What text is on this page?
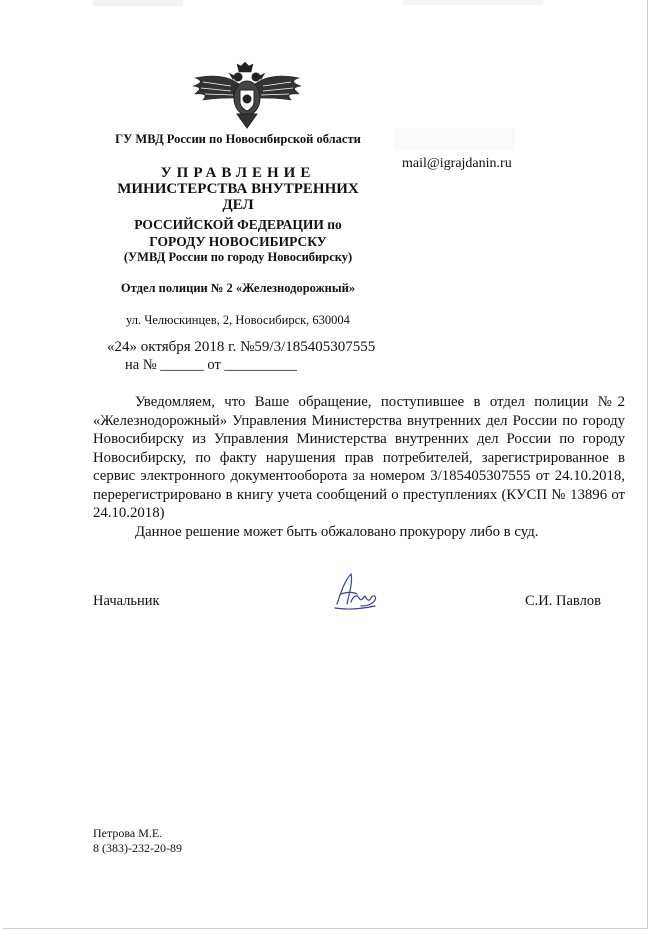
ГУ МВД России по Новосибирской области
УПРАВЛЕНИЕ
МИНИСТЕРСТВА ВНУТРЕННИХ ДЕЛ
РОССИЙСКОЙ ФЕДЕРАЦИИ по ГОРОДУ НОВОСИБИРСКУ
(УМВД России по городу Новосибирску)
Отдел полиции № 2 «Железнодорожный»
ул. Челюскинцев, 2, Новосибирск, 630004
mail@igrajdanin.ru
«24» октября 2018 г. №59/3/185405307555
на № ______ от __________

Уведомляем, что Ваше обращение, поступившее в отдел полиции №2 «Железнодорожный» Управления Министерства внутренних дел России по городу Новосибирску из Управления Министерства внутренних дел России по городу Новосибирску, по факту нарушения прав потребителей, зарегистрированное в сервис электронного документооборота за номером 3/185405307555 от 24.10.2018, перерегистрировано в книгу учета сообщений о преступлениях (КУСП № 13896 от 24.10.2018)

Данное решение может быть обжаловано прокурору либо в суд.

Начальник	С.И. Павлов
Петрова М.Е.
8 (383)-232-20-89
